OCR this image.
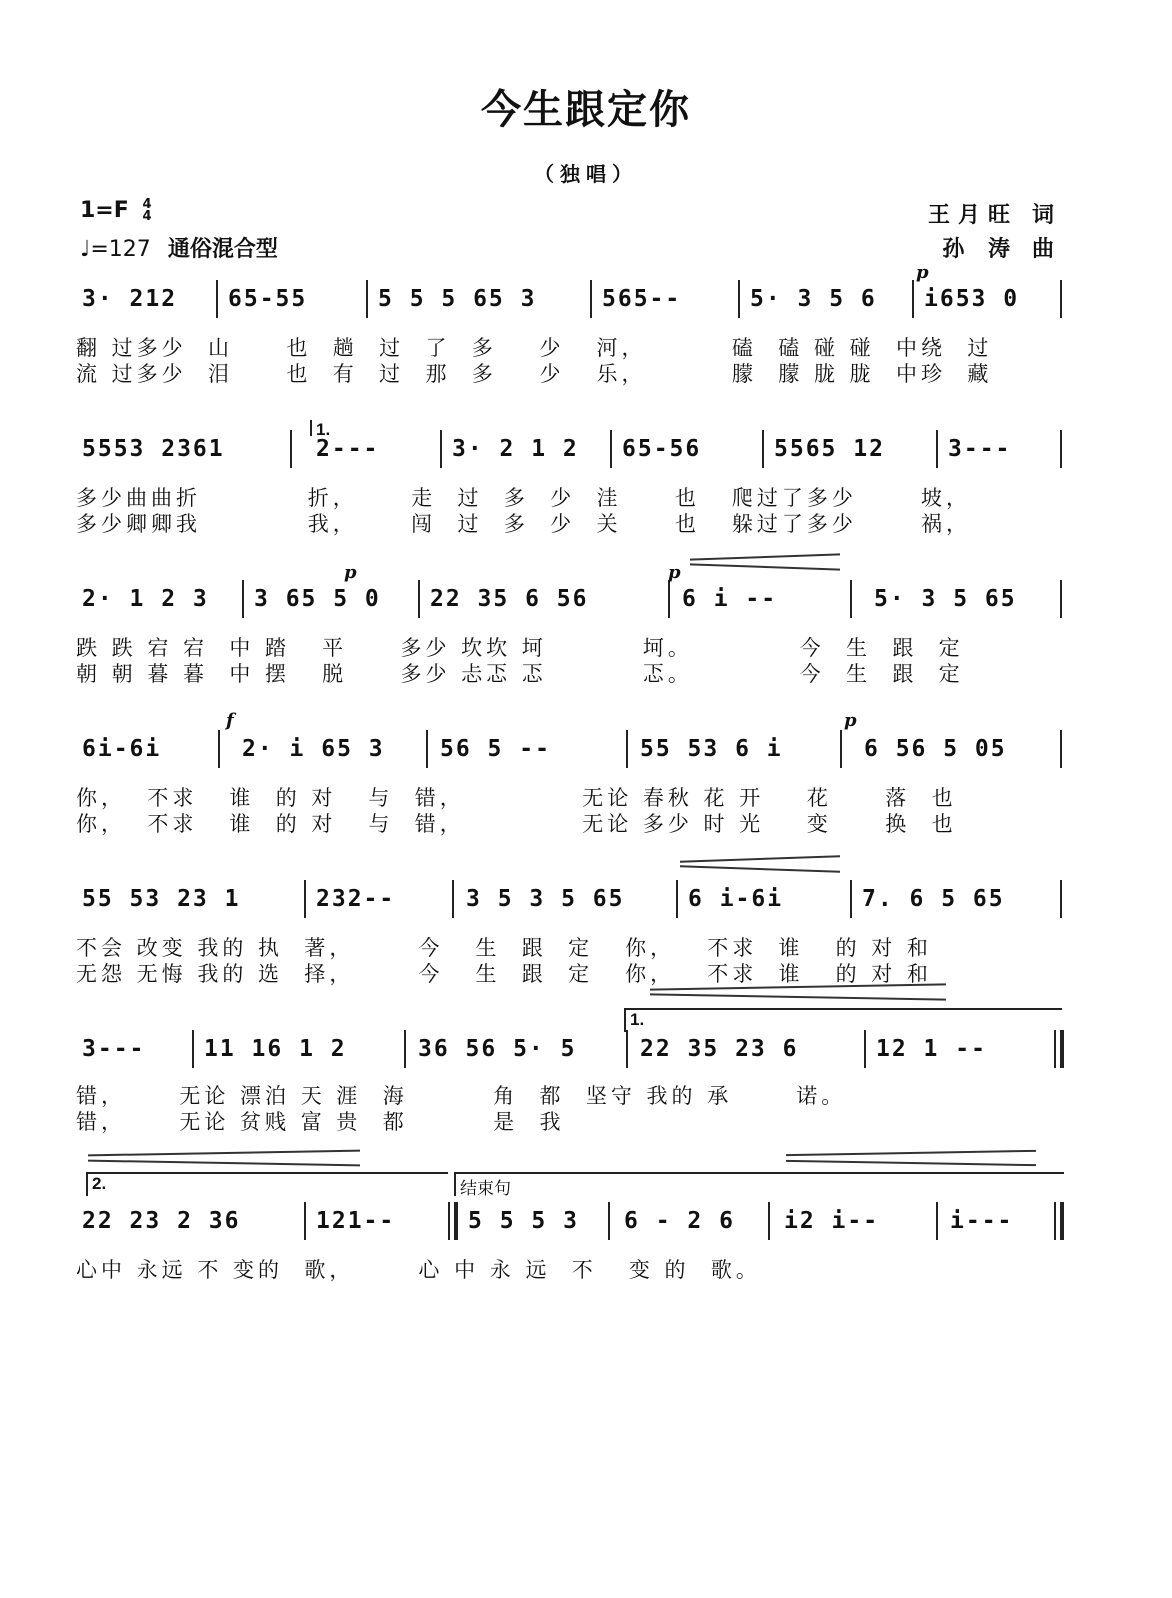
今生跟定你
（独唱）
1=F 4
4
♩=127 通俗混合型
王月旺 词
孙 涛 曲

3· 212

65-55

	5 5 5 65 3

	565--

	5· 3 5 6

i653 0

p
翻 过多少  山     也  趟  过  了  多    少   河，        磕  磕 碰 碰  中绕  过
流 过多少  泪     也  有  过  那  多    少   乐，        朦  朦 胧 胧  中珍  藏

5553 2361

	2---

	3· 2 1 2

65-56

	5565 12

	3---

1.
多少曲曲折          折，     走  过  多  少  洼     也   爬过了多少      坡，
多少卿卿我          我，     闯  过  多  少  关     也   躲过了多少      祸，

2· 1 2 3

3 65 5 0

22 35 6 56

	6 i --

	5· 3 5 65

p	p
跌 跌 宕 宕  中 踏   平     多少 坎坎 坷         坷。          今  生  跟  定
朝 朝 暮 暮  中 摆   脱     多少 忐忑 忑         忑。          今  生  跟  定

6i-6i

	2· i 65 3

56 5 --

	55 53 6 i

	6 56 5 05

f	p
你，  不求   谁  的 对   与  错，           无论 春秋 花 开    花     落  也
你，  不求   谁  的 对   与  错，           无论 多少 时 光    变     换  也

55 53 23 1

	232--

	3 5 3 5 65

	6 i-6i

	7. 6 5 65

不会 改变 我的 执  著，      今   生  跟  定   你，   不求  谁   的 对 和
无怨 无悔 我的 选  择，      今   生  跟  定   你，   不求  谁   的 对 和
1.

3---

	11 16 1 2

	36 56 5· 5

	22 35 23 6

	12 1 --

错，     无论 漂泊 天 涯  海        角  都  坚守 我的 承      诺。
错，     无论 贫贱 富 贵  都        是  我
2.	结束句

22 23 2 36

	121--

	5 5 5 3

6 - 2 6

i2 i--

	i---

心中 永远 不 变的  歌，      心 中 永 远  不   变 的  歌。
